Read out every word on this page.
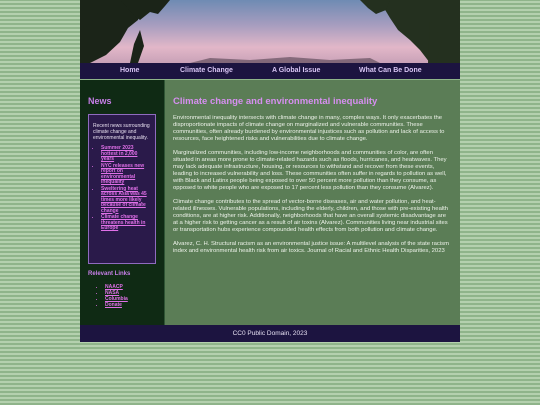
Home	Climate Change	A Global Issue	What Can Be Done
News

Recent news surrounding climate change and environmental inequality.

• Summer 2023 hottest in 2,000 years
• NYC releases new report on environmental inequality
• Sweltering heat across Asia was 45 times more likely because of climate change
• Climate change threatens health in Europe
Relevant Links
• NAACP
• NASA
• Columbia
• Donate
Climate change and environmental inequality

Environmental inequality intersects with climate change in many, complex ways. It only exacerbates the disproportionate impacts of climate change on marginalized and vulnerable communities. These communities, often already burdened by environmental injustices such as pollution and lack of access to resources, face heightened risks and vulnerabilities due to climate change.

Marginalized communities, including low-income neighborhoods and communities of color, are often situated in areas more prone to climate-related hazards such as floods, hurricanes, and heatwaves. They may lack adequate infrastructure, housing, or resources to withstand and recover from these events, leading to increased vulnerability and loss. These communities often suffer in regards to pollution as well, with Black and Latinx people being exposed to over 50 percent more pollution than they consume, as opposed to white people who are exposed to 17 percent less pollution than they consume (Alvarez).

Climate change contributes to the spread of vector-borne diseases, air and water pollution, and heat-related illnesses. Vulnerable populations, including the elderly, children, and those with pre-existing health conditions, are at higher risk. Additionally, neighborhoods that have an overall systemic disadvantage are at a higher risk to getting cancer as a result of air toxins (Alvarez). Communities living near industrial sites or transportation hubs experience compounded health effects from both pollution and climate change.

Alvarez, C. H. Structural racism as an environmental justice issue: A multilevel analysis of the state racism index and environmental health risk from air toxics. Journal of Racial and Ethnic Health Disparities, 2023

CC0 Public Domain, 2023
